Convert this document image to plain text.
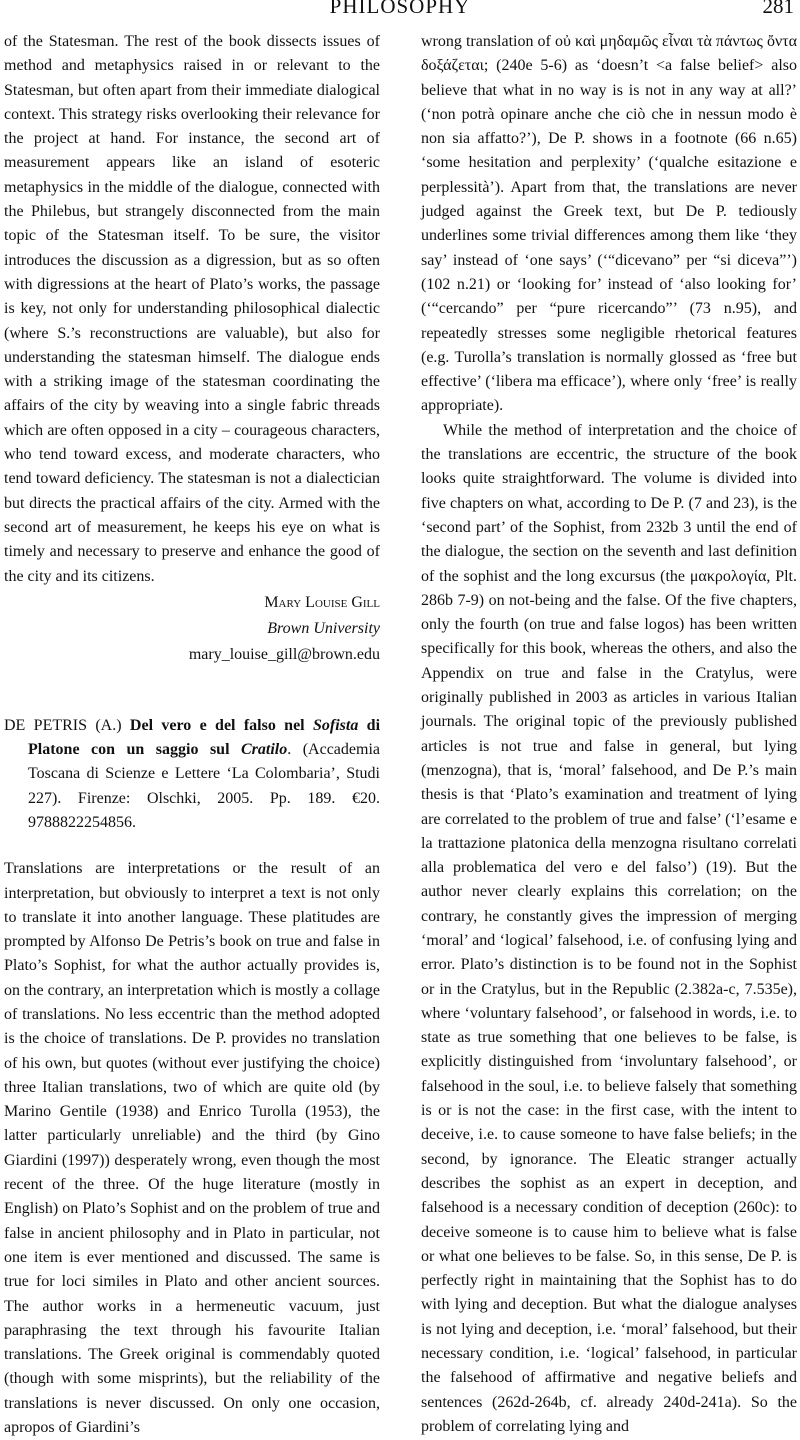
PHILOSOPHY	281

of the Statesman. The rest of the book dissects issues of method and metaphysics raised in or relevant to the Statesman, but often apart from their immediate dialogical context. This strategy risks overlooking their relevance for the project at hand. For instance, the second art of measurement appears like an island of esoteric metaphysics in the middle of the dialogue, connected with the Philebus, but strangely disconnected from the main topic of the Statesman itself. To be sure, the visitor introduces the discussion as a digression, but as so often with digressions at the heart of Plato’s works, the passage is key, not only for understanding philosophical dialectic (where S.’s reconstructions are valuable), but also for understanding the statesman himself. The dialogue ends with a striking image of the statesman coordinating the affairs of the city by weaving into a single fabric threads which are often opposed in a city – courageous characters, who tend toward excess, and moderate characters, who tend toward deficiency. The statesman is not a dialectician but directs the practical affairs of the city. Armed with the second art of measurement, he keeps his eye on what is timely and necessary to preserve and enhance the good of the city and its citizens.

Mary Louise Gill

Brown University

mary_louise_gill@brown.edu

DE PETRIS (A.) Del vero e del falso nel Sofista di Platone con un saggio sul Cratilo. (Accademia Toscana di Scienze e Lettere ‘La Colombaria’, Studi 227). Firenze: Olschki, 2005. Pp. 189. €20. 9788822254856.

Translations are interpretations or the result of an interpretation, but obviously to interpret a text is not only to translate it into another language. These platitudes are prompted by Alfonso De Petris’s book on true and false in Plato’s Sophist, for what the author actually provides is, on the contrary, an interpretation which is mostly a collage of translations. No less eccentric than the method adopted is the choice of translations. De P. provides no translation of his own, but quotes (without ever justifying the choice) three Italian translations, two of which are quite old (by Marino Gentile (1938) and Enrico Turolla (1953), the latter particularly unreliable) and the third (by Gino Giardini (1997)) desperately wrong, even though the most recent of the three. Of the huge literature (mostly in English) on Plato’s Sophist and on the problem of true and false in ancient philosophy and in Plato in particular, not one item is ever mentioned and discussed. The same is true for loci similes in Plato and other ancient sources. The author works in a hermeneutic vacuum, just paraphrasing the text through his favourite Italian translations. The Greek original is commendably quoted (though with some misprints), but the reliability of the translations is never discussed. On only one occasion, apropos of Giardini’s

wrong translation of οὐ καὶ μηδαμῶς εἶναι τὰ πάντως ὄντα δοξάζεται; (240e 5-6) as ‘doesn’t <a false belief> also believe that what in no way is is not in any way at all?’ (‘non potrà opinare anche che ciò che in nessun modo è non sia affatto?’), De P. shows in a footnote (66 n.65) ‘some hesitation and perplexity’ (‘qualche esitazione e perplessità’). Apart from that, the translations are never judged against the Greek text, but De P. tediously underlines some trivial differences among them like ‘they say’ instead of ‘one says’ (‘“dicevano” per “si diceva”’) (102 n.21) or ‘looking for’ instead of ‘also looking for’ (‘“cercando” per “pure ricercando”’ (73 n.95), and repeatedly stresses some negligible rhetorical features (e.g. Turolla’s translation is normally glossed as ‘free but effective’ (‘libera ma efficace’), where only ‘free’ is really appropriate).

While the method of interpretation and the choice of the translations are eccentric, the structure of the book looks quite straightforward. The volume is divided into five chapters on what, according to De P. (7 and 23), is the ‘second part’ of the Sophist, from 232b 3 until the end of the dialogue, the section on the seventh and last definition of the sophist and the long excursus (the μακρολογία, Plt. 286b 7-9) on not-being and the false. Of the five chapters, only the fourth (on true and false logos) has been written specifically for this book, whereas the others, and also the Appendix on true and false in the Cratylus, were originally published in 2003 as articles in various Italian journals. The original topic of the previously published articles is not true and false in general, but lying (menzogna), that is, ‘moral’ falsehood, and De P.’s main thesis is that ‘Plato’s examination and treatment of lying are correlated to the problem of true and false’ (‘l’esame e la trattazione platonica della menzogna risultano correlati alla problematica del vero e del falso’) (19). But the author never clearly explains this correlation; on the contrary, he constantly gives the impression of merging ‘moral’ and ‘logical’ falsehood, i.e. of confusing lying and error. Plato’s distinction is to be found not in the Sophist or in the Cratylus, but in the Republic (2.382a-c, 7.535e), where ‘voluntary falsehood’, or falsehood in words, i.e. to state as true something that one believes to be false, is explicitly distinguished from ‘involuntary falsehood’, or falsehood in the soul, i.e. to believe falsely that something is or is not the case: in the first case, with the intent to deceive, i.e. to cause someone to have false beliefs; in the second, by ignorance. The Eleatic stranger actually describes the sophist as an expert in deception, and falsehood is a necessary condition of deception (260c): to deceive someone is to cause him to believe what is false or what one believes to be false. So, in this sense, De P. is perfectly right in maintaining that the Sophist has to do with lying and deception. But what the dialogue analyses is not lying and deception, i.e. ‘moral’ falsehood, but their necessary condition, i.e. ‘logical’ falsehood, in particular the falsehood of affirmative and negative beliefs and sentences (262d-264b, cf. already 240d-241a). So the problem of correlating lying and
